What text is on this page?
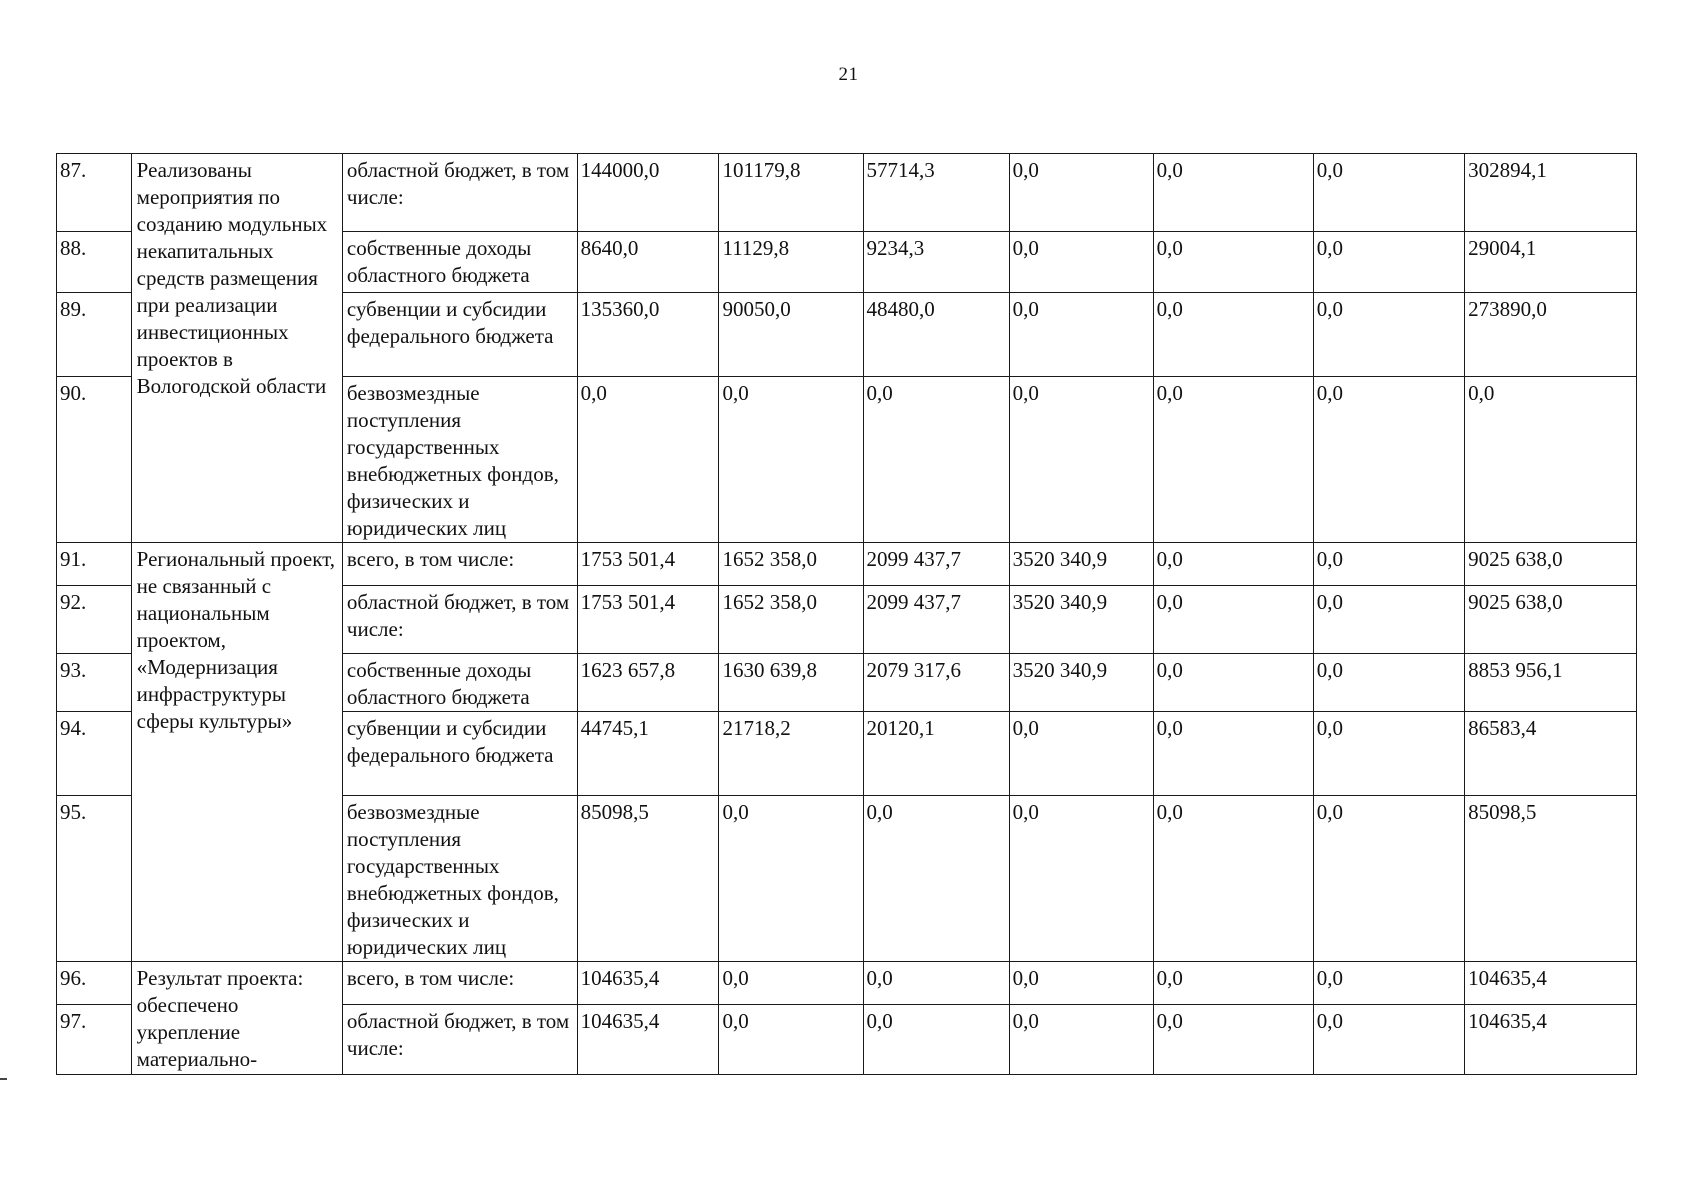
21
87.	Реализованы мероприятия по созданию модульных некапитальных средств размещения при реализации инвестиционных проектов в Вологодской области	областной бюджет, в том числе:	144000,0	101179,8	57714,3	0,0	0,0	0,0	302894,1
88.		собственные доходы областного бюджета	8640,0	11129,8	9234,3	0,0	0,0	0,0	29004,1
89.		субвенции и субсидии федерального бюджета	135360,0	90050,0	48480,0	0,0	0,0	0,0	273890,0
90.		безвозмездные поступления государственных внебюджетных фондов, физических и юридических лиц	0,0	0,0	0,0	0,0	0,0	0,0	0,0
91.	Региональный проект, не связанный с национальным проектом, «Модернизация инфраструктуры сферы культуры»	всего, в том числе:	1753 501,4	1652 358,0	2099 437,7	3520 340,9	0,0	0,0	9025 638,0
92.		областной бюджет, в том числе:	1753 501,4	1652 358,0	2099 437,7	3520 340,9	0,0	0,0	9025 638,0
93.		собственные доходы областного бюджета	1623 657,8	1630 639,8	2079 317,6	3520 340,9	0,0	0,0	8853 956,1
94.		субвенции и субсидии федерального бюджета	44745,1	21718,2	20120,1	0,0	0,0	0,0	86583,4
95.		безвозмездные поступления государственных внебюджетных фондов, физических и юридических лиц	85098,5	0,0	0,0	0,0	0,0	0,0	85098,5
96.	Результат проекта: обеспечено укрепление материально-	всего, в том числе:	104635,4	0,0	0,0	0,0	0,0	0,0	104635,4
97.		областной бюджет, в том числе:	104635,4	0,0	0,0	0,0	0,0	0,0	104635,4
